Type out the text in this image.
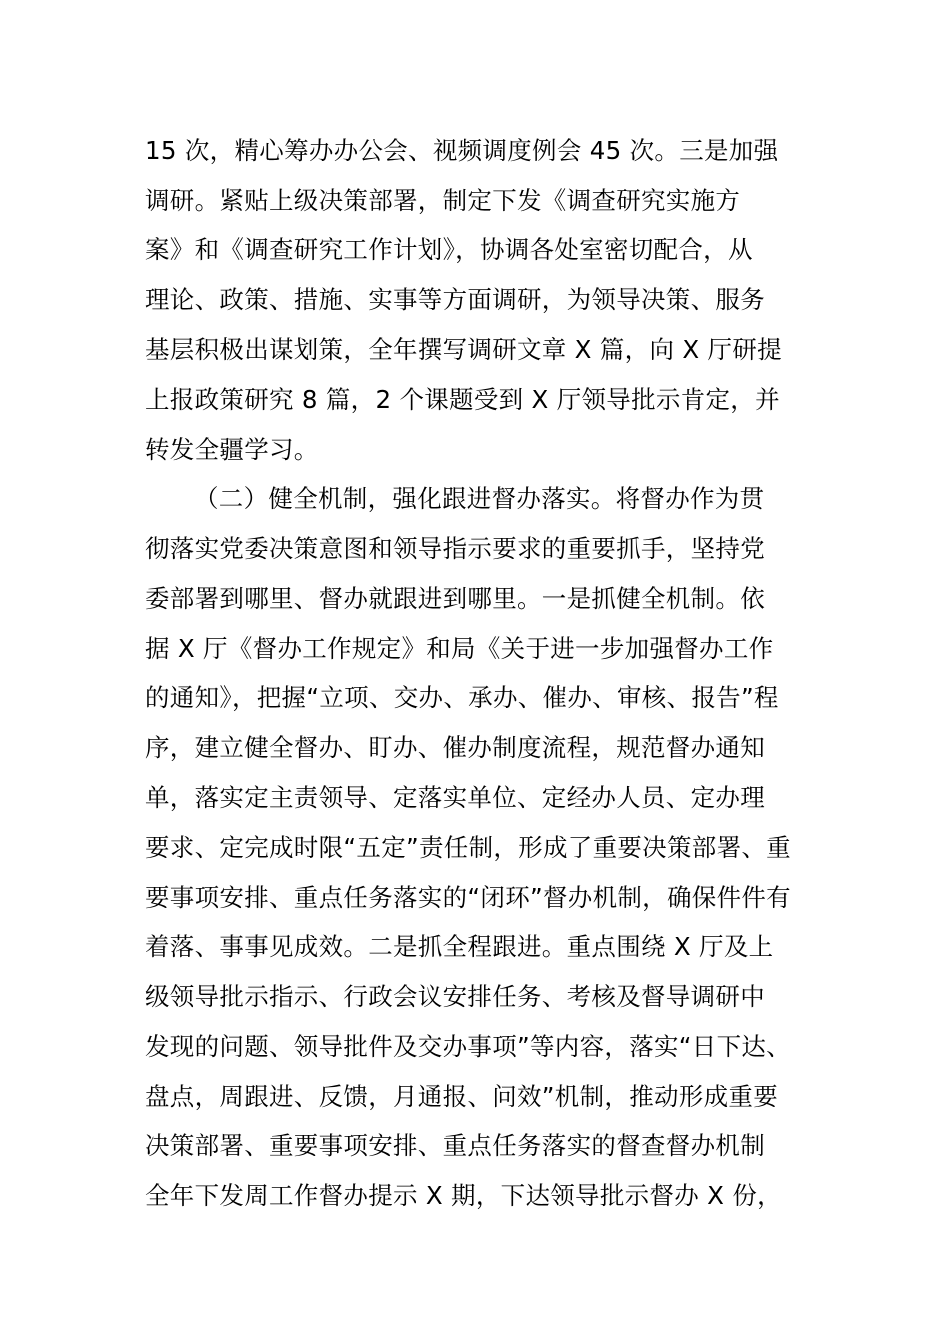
15 次，精心筹办办公会、视频调度例会 45 次。三是加强
调研。紧贴上级决策部署，制定下发《调查研究实施方
案》和《调查研究工作计划》，协调各处室密切配合，从
理论、政策、措施、实事等方面调研，为领导决策、服务
基层积极出谋划策，全年撰写调研文章 X 篇，向 X 厅研提
上报政策研究 8 篇，2 个课题受到 X 厅领导批示肯定，并
转发全疆学习。
（二）健全机制，强化跟进督办落实。将督办作为贯
彻落实党委决策意图和领导指示要求的重要抓手，坚持党
委部署到哪里、督办就跟进到哪里。一是抓健全机制。依
据 X 厅《督办工作规定》和局《关于进一步加强督办工作
的通知》，把握“立项、交办、承办、催办、审核、报告”程
序，建立健全督办、盯办、催办制度流程，规范督办通知
单，落实定主责领导、定落实单位、定经办人员、定办理
要求、定完成时限“五定”责任制，形成了重要决策部署、重
要事项安排、重点任务落实的“闭环”督办机制，确保件件有
着落、事事见成效。二是抓全程跟进。重点围绕 X 厅及上
级领导批示指示、行政会议安排任务、考核及督导调研中
发现的问题、领导批件及交办事项”等内容，落实“日下达、
盘点，周跟进、反馈，月通报、问效”机制，推动形成重要
决策部署、重要事项安排、重点任务落实的督查督办机制
全年下发周工作督办提示 X 期，下达领导批示督办 X 份，
